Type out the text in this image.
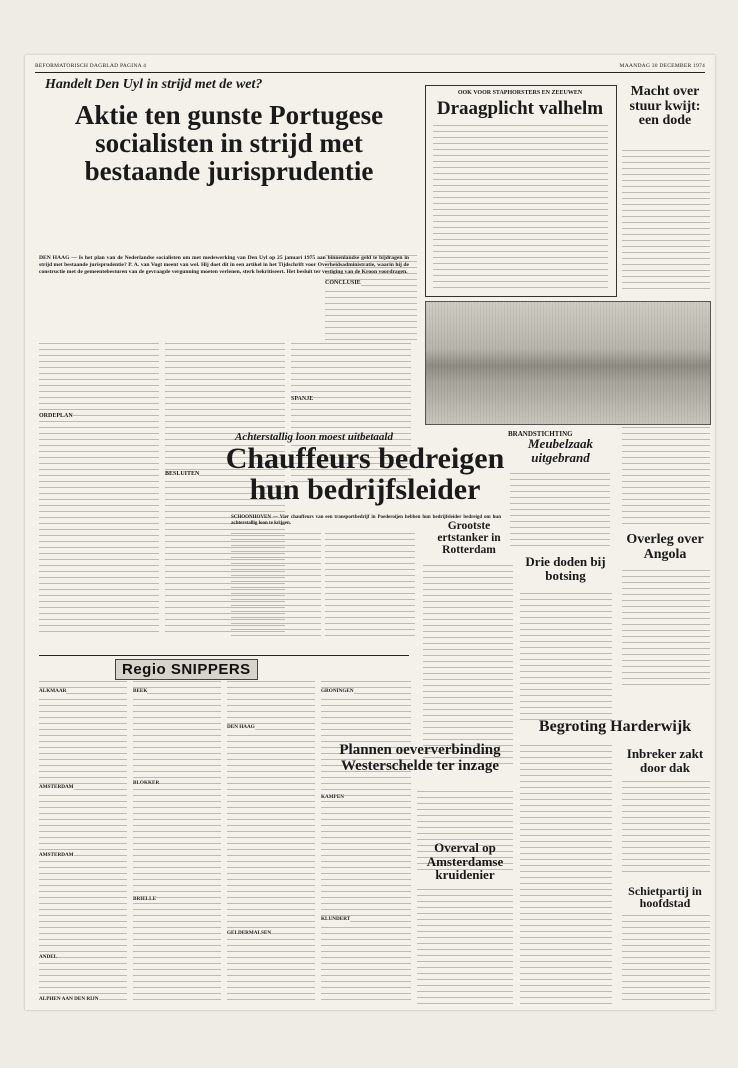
REFORMATORISCH DAGBLAD PAGINA 4	MAANDAG 30 DECEMBER 1974
Handelt Den Uyl in strijd met de wet?
Aktie ten gunste Portugese socialisten in strijd met bestaande jurisprudentie
DEN HAAG — Is het plan van de Nederlandse socialisten om met medewerking van Den Uyl op 25 januari 1975 aan binnenlandse geld te bijdragen in strijd met bestaande jurisprudentie? P. A. van Vugt meent van wel. Hij doet dit in een artikel in het Tijdschrift voor Overheidsadministratie, waarin hij de constructie met de gemeentebesturen van de gevraagde vergunning moeten verlenen, sterk bekritiseert. Het besluit ter vestiging van de Kroon voordragen.
ORDEPLAN
BESLUITEN
SPANJE
CONCLUSIE
OOK VOOR STAPHORSTERS EN ZEEUWEN
Draagplicht valhelm
Macht over stuur kwijt: een dode
BRANDSTICHTING
Meubelzaak uitgebrand
Achterstallig loon moest uitbetaald
Chauffeurs bedreigen hun bedrijfsleider
SCHOONHOVEN — Vier chauffeurs van een transportbedrijf in Poederoijen hebben hun bedrijfsleider bedreigd om hun achterstallig loon te krijgen.	Grootste ertstanker in Rotterdam
Drie doden bij botsing
Overleg over Angola
Begroting Harderwijk
Inbreker zakt door dak
Schietpartij in hoofdstad
Regio SNIPPERS
ALKMAAR
AMSTERDAM
AMSTERDAM
ANDEL
ALPHEN AAN DEN RIJN
BEEK
BLOKKER
BRIELLE
DEN HAAG
GELDERMALSEN
GRONINGEN
KAMPEN
KLUNDERT
Plannen oeververbinding Westerschelde ter inzage
Overval op Amsterdamse kruidenier
